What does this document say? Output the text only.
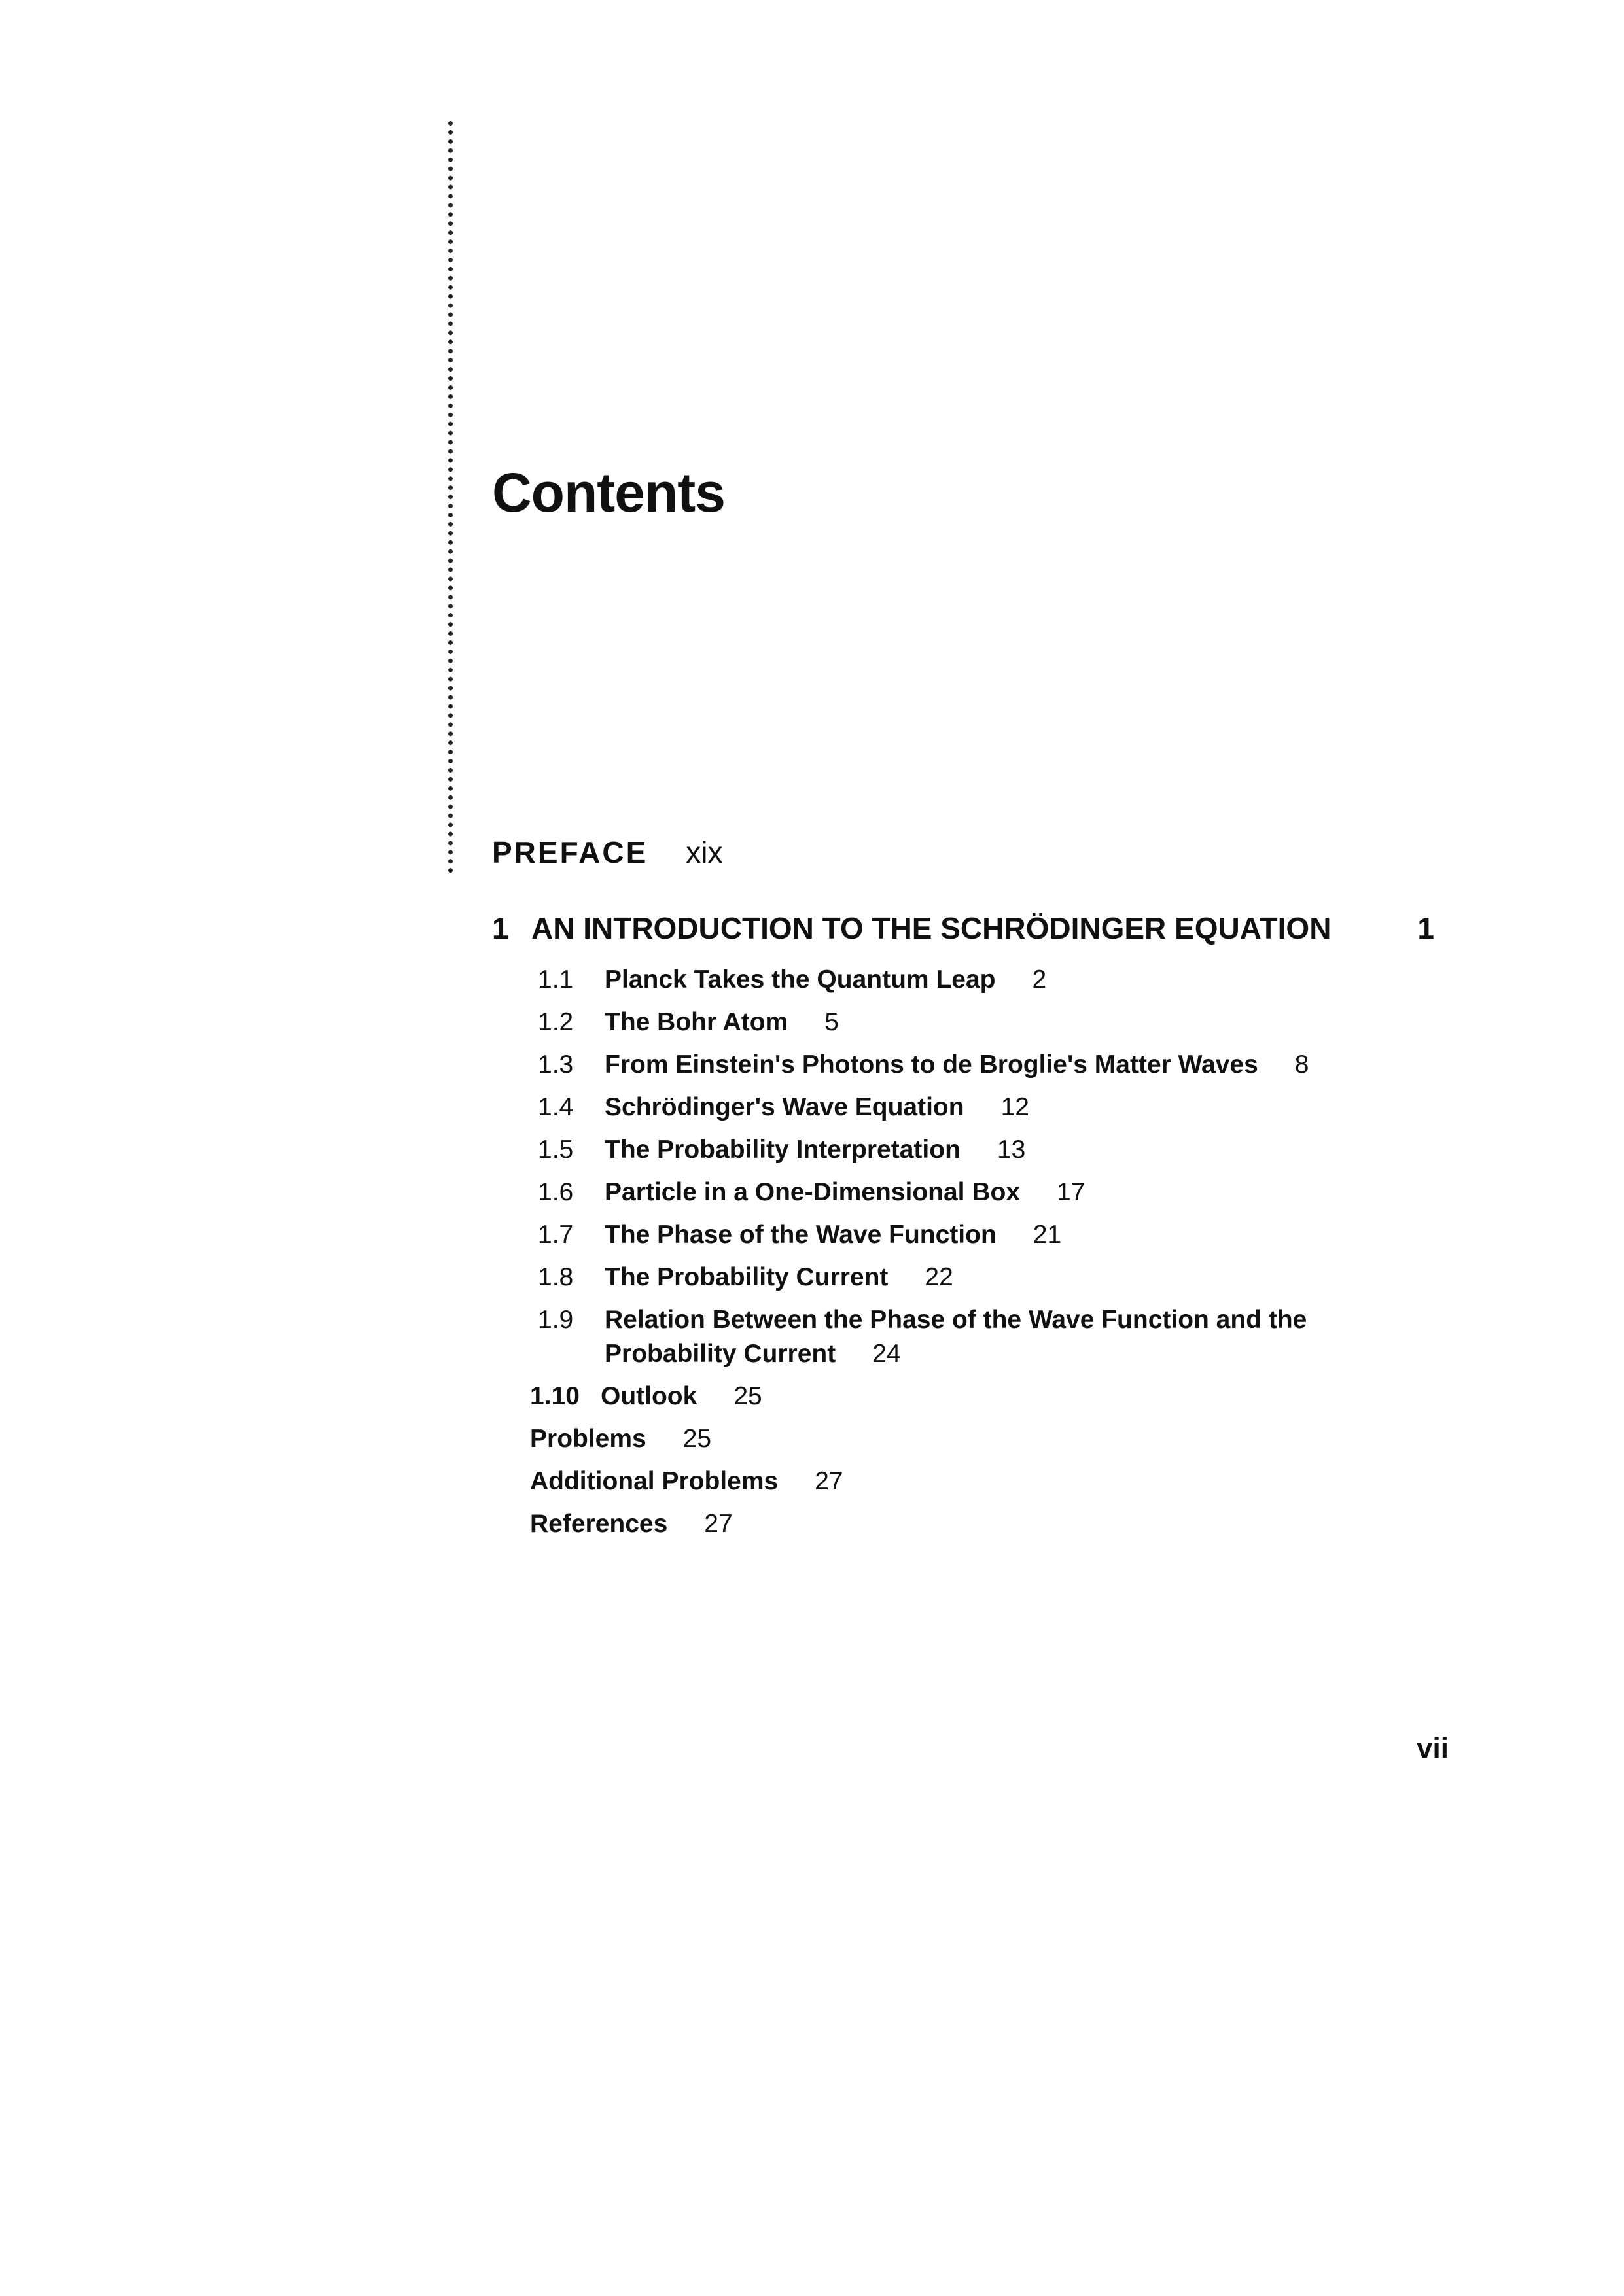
Contents
PREFACE xix
1 AN INTRODUCTION TO THE SCHRÖDINGER EQUATION	1
1.1 Planck Takes the Quantum Leap 2
1.2 The Bohr Atom 5
1.3 From Einstein's Photons to de Broglie's Matter Waves 8
1.4 Schrödinger's Wave Equation 12
1.5 The Probability Interpretation 13
1.6 Particle in a One-Dimensional Box 17
1.7 The Phase of the Wave Function 21
1.8 The Probability Current 22
1.9 Relation Between the Phase of the Wave Function and the Probability Current 24
1.10 Outlook 25
Problems 25
Additional Problems 27
References 27
vii
